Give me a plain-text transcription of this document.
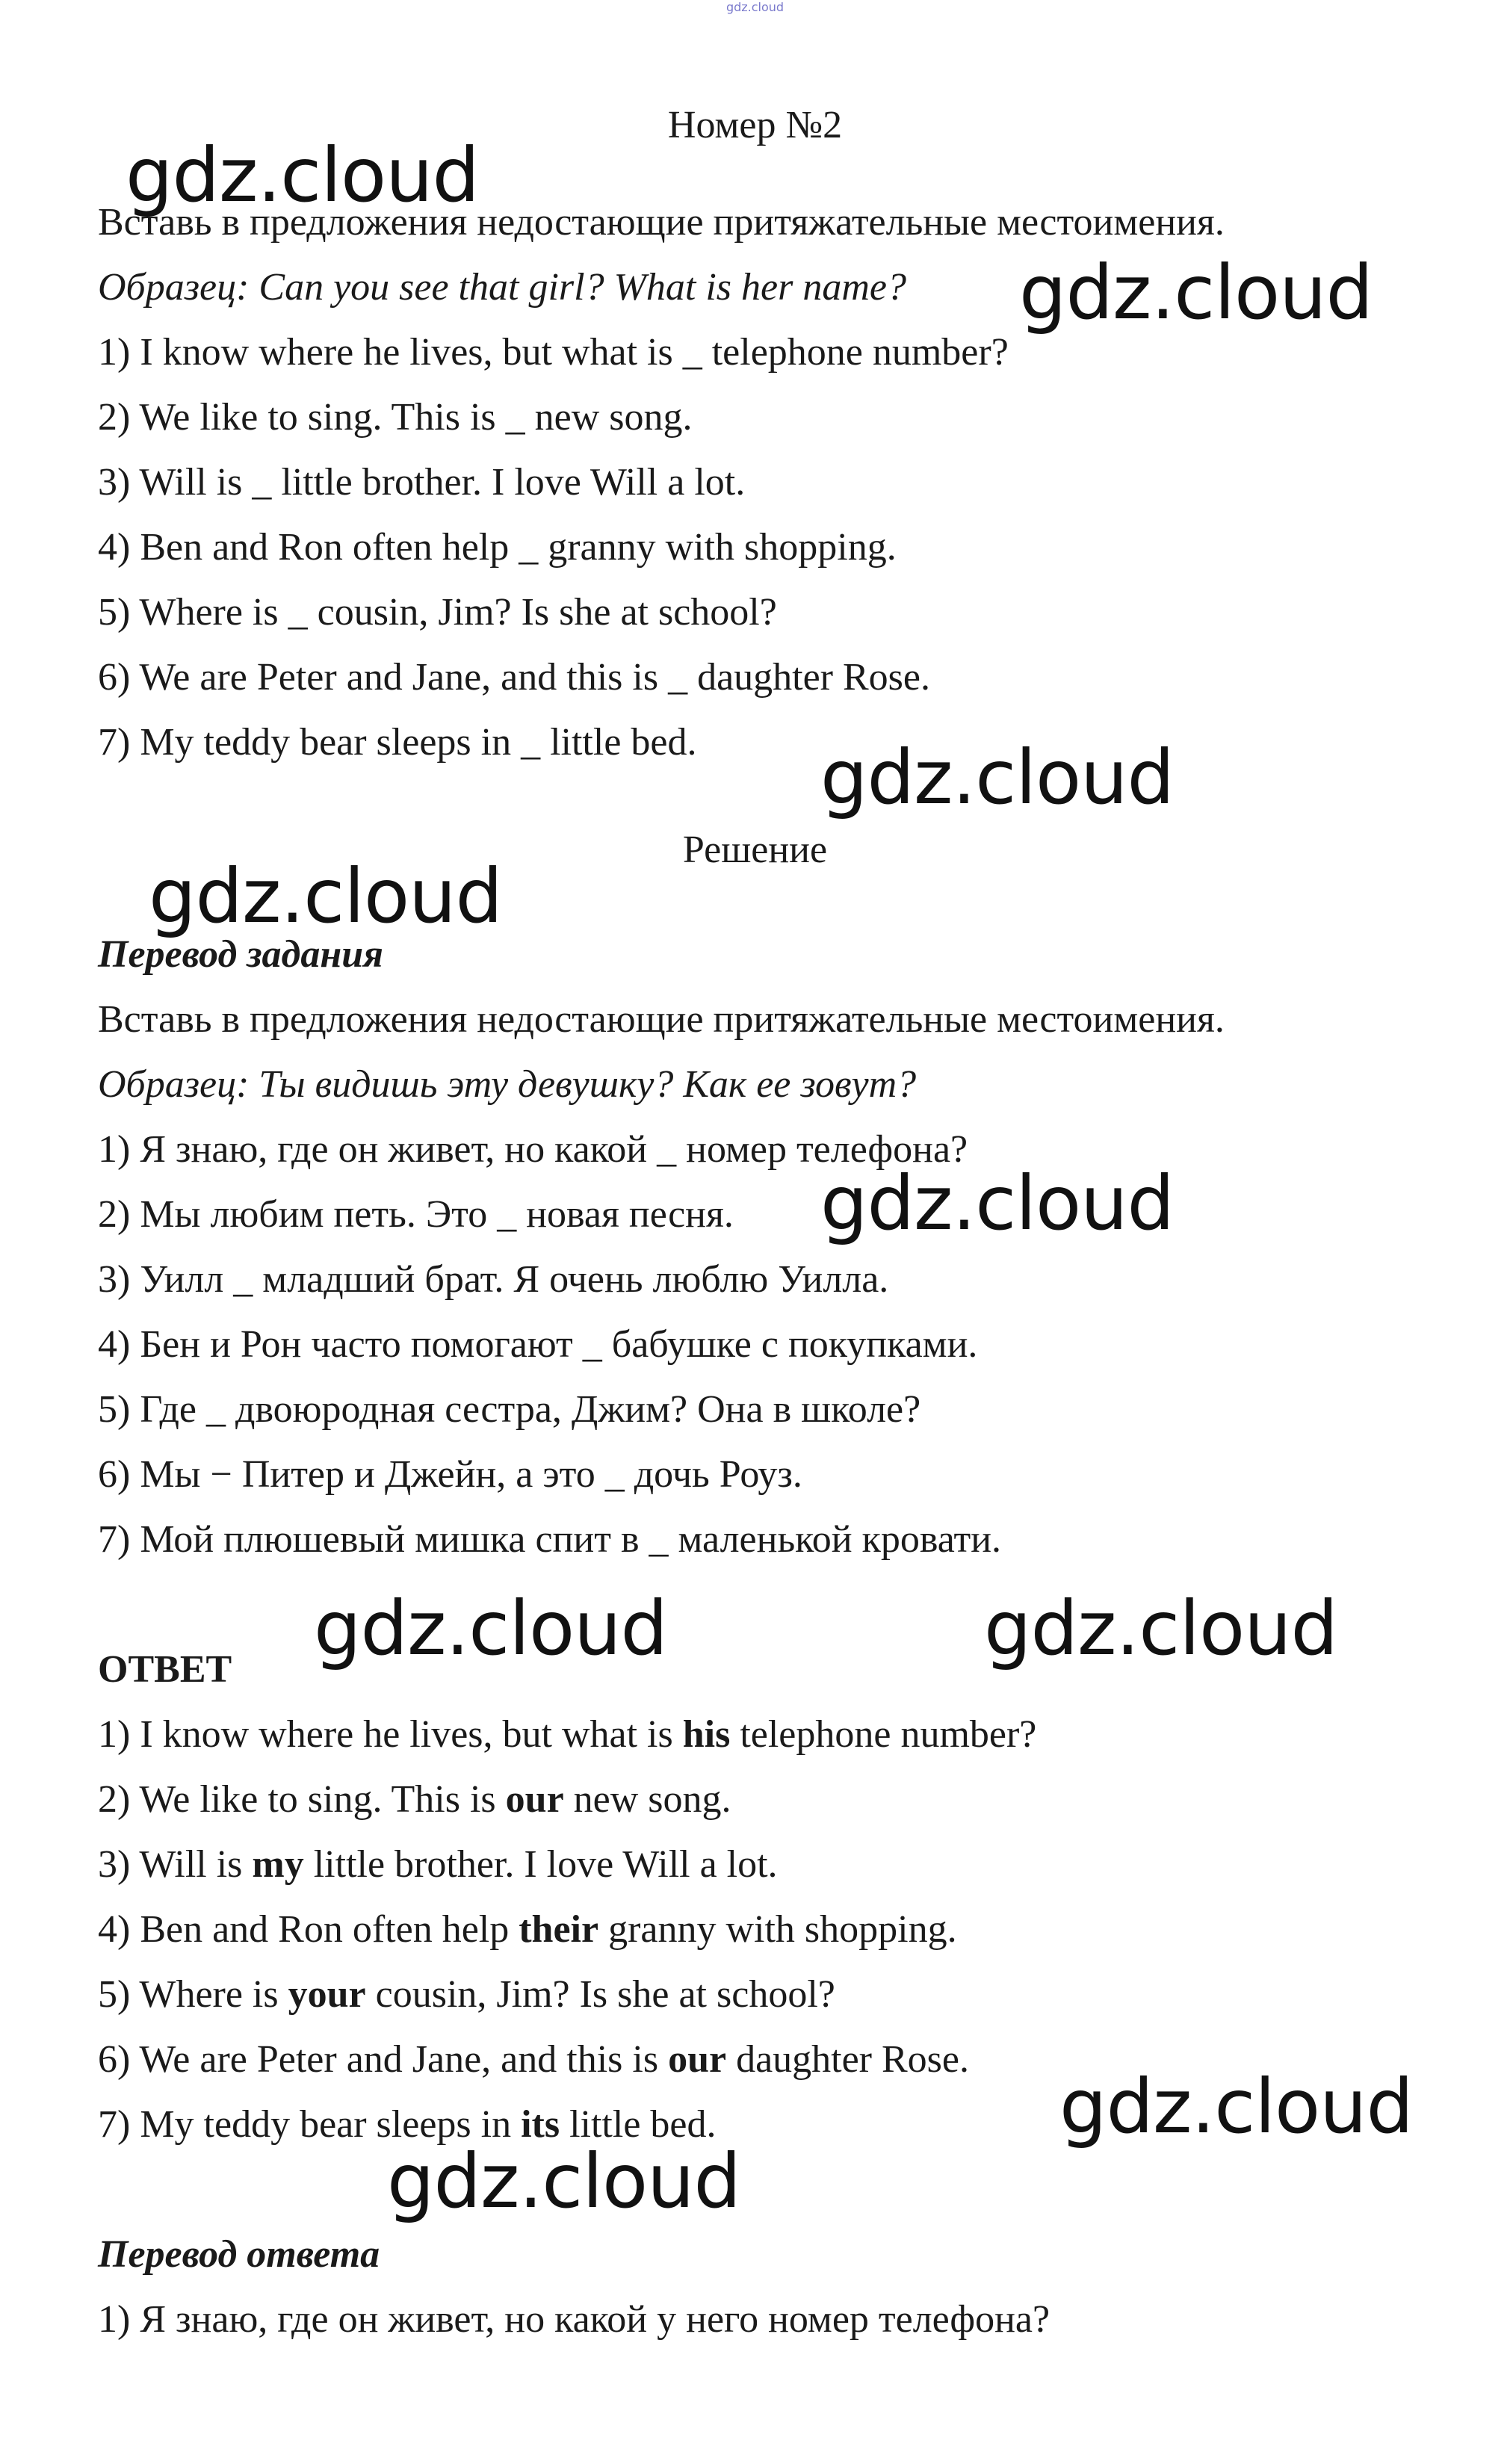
gdz.cloud
Номер №2
Вставь в предложения недостающие притяжательные местоимения.
Образец: Can you see that girl? What is her name?
1) I know where he lives, but what is _ telephone number?
2) We like to sing. This is _ new song.
3) Will is _ little brother. I love Will a lot.
4) Ben and Ron often help _ granny with shopping.
5) Where is _ cousin, Jim? Is she at school?
6) We are Peter and Jane, and this is _ daughter Rose.
7) My teddy bear sleeps in _ little bed.
Решение
Перевод задания
Вставь в предложения недостающие притяжательные местоимения.
Образец: Ты видишь эту девушку? Как ее зовут?
1) Я знаю, где он живет, но какой _ номер телефона?
2) Мы любим петь. Это _ новая песня.
3) Уилл _ младший брат. Я очень люблю Уилла.
4) Бен и Рон часто помогают _ бабушке с покупками.
5) Где _ двоюродная сестра, Джим? Она в школе?
6) Мы − Питер и Джейн, а это _ дочь Роуз.
7) Мой плюшевый мишка спит в _ маленькой кровати.
ОТВЕТ
1) I know where he lives, but what is his telephone number?
2) We like to sing. This is our new song.
3) Will is my little brother. I love Will a lot.
4) Ben and Ron often help their granny with shopping.
5) Where is your cousin, Jim? Is she at school?
6) We are Peter and Jane, and this is our daughter Rose.
7) My teddy bear sleeps in its little bed.
Перевод ответа
1) Я знаю, где он живет, но какой у него номер телефона?
gdz.cloud
gdz.cloud
gdz.cloud
gdz.cloud
gdz.cloud
gdz.cloud	gdz.cloud
gdz.cloud
gdz.cloud
